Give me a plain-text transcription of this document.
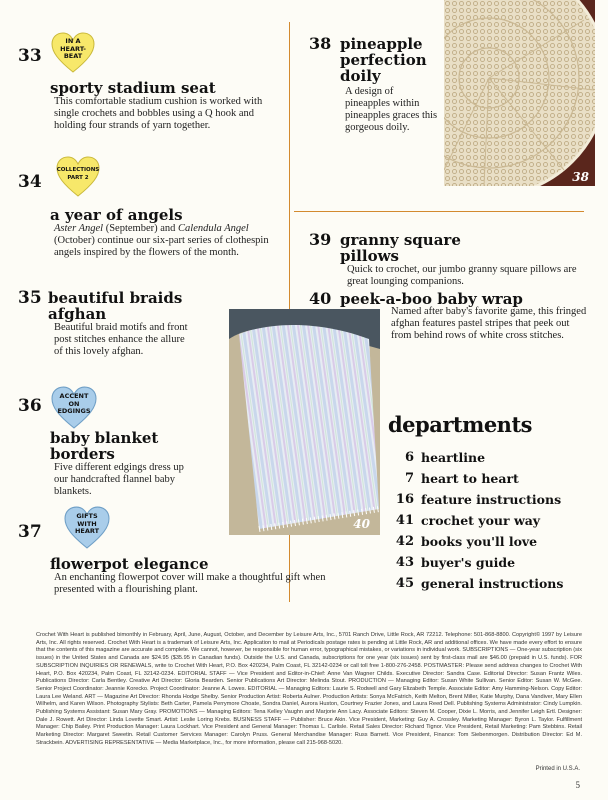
33
IN A
HEART-
BEAT
sporty stadium seat
This comfortable stadium cushion is worked with single crochets and bobbles using a Q hook and holding four strands of yarn together.
34
COLLECTIONS
PART 2
a year of angels
Aster Angel (September) and Calendula Angel (October) continue our six-part series of clothespin angels inspired by the flowers of the month.
35 beautiful braids
afghan
Beautiful braid motifs and front post stitches enhance the allure of this lovely afghan.
36	ACCENT
ON
EDGINGS
baby blanket
borders
Five different edgings dress up our handcrafted flannel baby blankets.
37
GIFTS
WITH
HEART
flowerpot elegance
An enchanting flowerpot cover will make a thoughtful gift when presented with a flourishing plant.
38 pineapple
perfection
doily
A design of pineapples within pineapples graces this gorgeous doily.
38
39 granny square
pillows
Quick to crochet, our jumbo granny square pillows are great lounging companions.
40 peek-a-boo baby wrap
Named after baby's favorite game, this fringed afghan features pastel stripes that peek out from behind rows of white cross stitches.
40
departments
6 heartline
7 heart to heart
16 feature instructions
41 crochet your way
42 books you'll love
43 buyer's guide
45 general instructions
Crochet With Heart is published bimonthly in February, April, June, August, October, and December by Leisure Arts, Inc., 5701 Ranch Drive, Little Rock, AR 72212. Telephone: 501-868-8800. Copyright© 1997 by Leisure Arts, Inc. All rights reserved. Crochet With Heart is a trademark of Leisure Arts, Inc. Application to mail at Periodicals postage rates is pending at Little Rock, AR and additional offices. We have made every effort to ensure that the contents of this magazine are accurate and complete. We cannot, however, be responsible for human error, typographical mistakes, or variations in individual work. SUBSCRIPTIONS — One-year subscription (six issues) in the United States and Canada are $24.95 ($35.95 in Canadian funds). Outside the U.S. and Canada, subscriptions for one year (six issues) sent by first-class mail are $46.00 (prepaid in U.S. funds). FOR SUBSCRIPTION INQUIRIES OR RENEWALS, write to Crochet With Heart, P.O. Box 420234, Palm Coast, FL 32142-0234 or call toll free 1-800-276-2458. POSTMASTER: Please send address changes to Crochet With Heart, P.O. Box 420234, Palm Coast, FL 32142-0234. EDITORIAL STAFF — Vice President and Editor-in-Chief: Anne Van Wagner Childs. Executive Director: Sandra Case. Editorial Director: Susan Frantz Wiles. Publications Director: Carla Bentley. Creative Art Director: Gloria Bearden. Senior Publications Art Director: Melinda Stout. PRODUCTION — Managing Editor: Susan White Sullivan. Senior Editor: Susan W. McGee. Senior Project Coordinator: Jeannie Korecko. Project Coordinator: Jeanne A. Lowes. EDITORIAL — Managing Editors: Laurie S. Rodwell and Gary Elizabeth Temple. Associate Editor: Amy Hamming-Nelson. Copy Editor: Laura Lee Weland. ART — Magazine Art Director: Rhonda Hodge Shelby. Senior Production Artist: Roberta Aulner. Production Artists: Sonya McFatrich, Keith Melton, Brent Miller, Katie Murphy, Dana Vandiver, Mary Ellen Wilhelm, and Karen Wilson. Photography Stylists: Beth Carter, Pamela Perrymore Choate, Sondra Daniel, Aurora Huston, Courtney Frazier Jones, and Laura Reed Dell. Publishing Systems Administrator: Cindy Lumpkin. Publishing Systems Assistant: Susan Mary Gray. PROMOTIONS — Managing Editors: Tena Kelley Vaughn and Marjorie Ann Lacy. Associate Editors: Steven M. Cooper, Dixie L. Morris, and Jennifer Leigh Ertl. Designer: Dale J. Rowett. Art Director: Linda Lovette Smart. Artist: Leslie Loring Krebs. BUSINESS STAFF — Publisher: Bruce Akin. Vice President, Marketing: Guy A. Crossley. Marketing Manager: Byron L. Taylor. Fulfillment Manager: Chip Bailey. Print Production Manager: Laura Lockhart. Vice President and General Manager: Thomas L. Carlisle. Retail Sales Director: Richard Tignor. Vice President, Retail Marketing: Pam Stebbins. Retail Marketing Director: Margaret Sweetin. Retail Customer Services Manager: Carolyn Pruss. General Merchandise Manager: Russ Barnett. Vice President, Finance: Tom Siebenmorgen. Distribution Director: Ed M. Strackbein. ADVERTISING REPRESENTATIVE — Media Marketplace, Inc., for more information, please call 215-968-5020.
Printed in U.S.A.
5
